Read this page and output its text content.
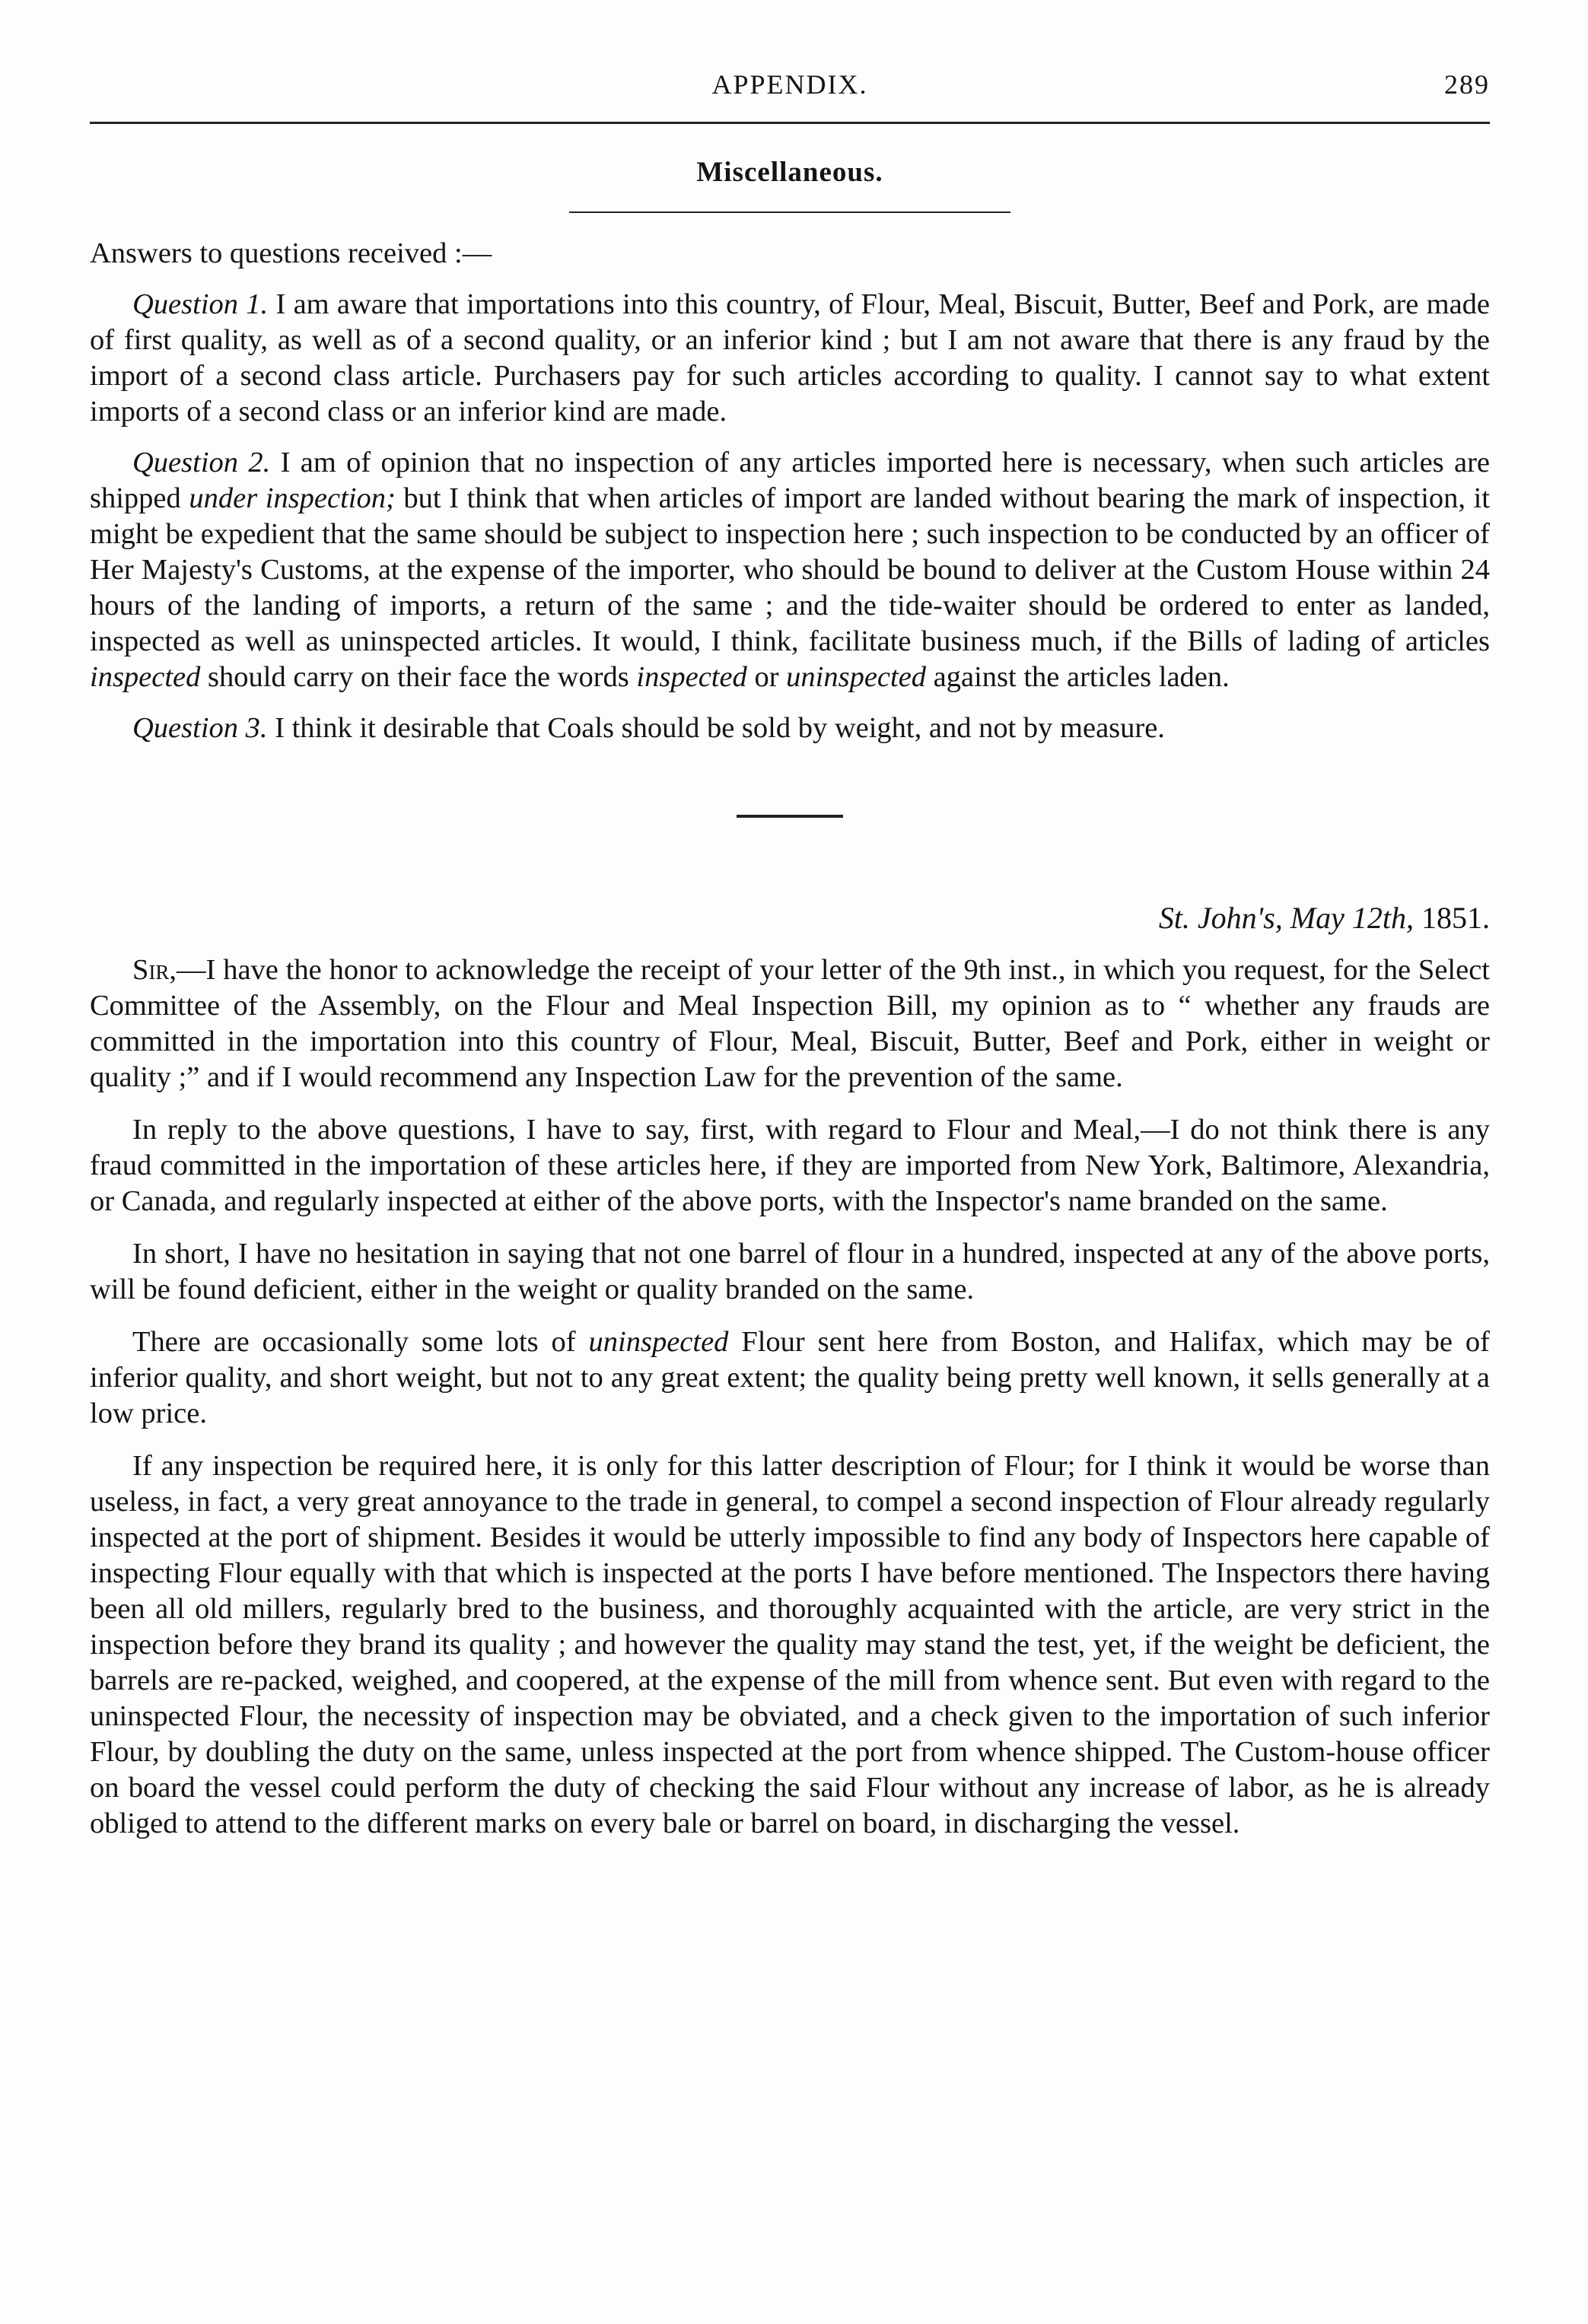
APPENDIX.	289
Miscellaneous.

Answers to questions received :—

Question 1. I am aware that importations into this country, of Flour, Meal, Biscuit, Butter, Beef and Pork, are made of first quality, as well as of a second quality, or an inferior kind ; but I am not aware that there is any fraud by the import of a second class article. Purchasers pay for such articles according to quality. I cannot say to what extent imports of a second class or an inferior kind are made.

Question 2. I am of opinion that no inspection of any articles imported here is necessary, when such articles are shipped under inspection; but I think that when articles of import are landed without bearing the mark of inspection, it might be expedient that the same should be subject to inspection here ; such inspection to be conducted by an officer of Her Majesty's Customs, at the expense of the importer, who should be bound to deliver at the Custom House within 24 hours of the landing of imports, a return of the same ; and the tide-waiter should be ordered to enter as landed, inspected as well as uninspected articles. It would, I think, facilitate business much, if the Bills of lading of articles inspected should carry on their face the words inspected or uninspected against the articles laden.

Question 3. I think it desirable that Coals should be sold by weight, and not by measure.

St. John's, May 12th, 1851.

Sir,—I have the honor to acknowledge the receipt of your letter of the 9th inst., in which you request, for the Select Committee of the Assembly, on the Flour and Meal Inspection Bill, my opinion as to “ whether any frauds are committed in the importation into this country of Flour, Meal, Biscuit, Butter, Beef and Pork, either in weight or quality ;” and if I would recommend any Inspection Law for the prevention of the same.

In reply to the above questions, I have to say, first, with regard to Flour and Meal,—I do not think there is any fraud committed in the importation of these articles here, if they are imported from New York, Baltimore, Alexandria, or Canada, and regularly inspected at either of the above ports, with the Inspector's name branded on the same.

In short, I have no hesitation in saying that not one barrel of flour in a hundred, inspected at any of the above ports, will be found deficient, either in the weight or quality branded on the same.

There are occasionally some lots of uninspected Flour sent here from Boston, and Halifax, which may be of inferior quality, and short weight, but not to any great extent; the quality being pretty well known, it sells generally at a low price.

If any inspection be required here, it is only for this latter description of Flour; for I think it would be worse than useless, in fact, a very great annoyance to the trade in general, to compel a second inspection of Flour already regularly inspected at the port of shipment. Besides it would be utterly impossible to find any body of Inspectors here capable of inspecting Flour equally with that which is inspected at the ports I have before mentioned. The Inspectors there having been all old millers, regularly bred to the business, and thoroughly acquainted with the article, are very strict in the inspection before they brand its quality ; and however the quality may stand the test, yet, if the weight be deficient, the barrels are re-packed, weighed, and coopered, at the expense of the mill from whence sent. But even with regard to the uninspected Flour, the necessity of inspection may be obviated, and a check given to the importation of such inferior Flour, by doubling the duty on the same, unless inspected at the port from whence shipped. The Custom-house officer on board the vessel could perform the duty of checking the said Flour without any increase of labor, as he is already obliged to attend to the different marks on every bale or barrel on board, in discharging the vessel.
